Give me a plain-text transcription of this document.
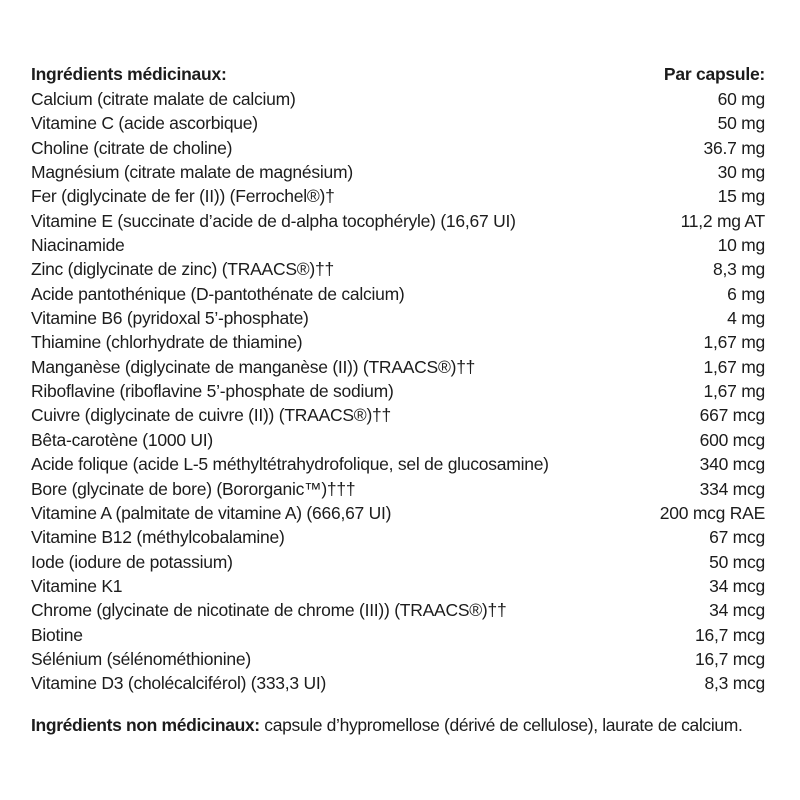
Ingrédients médicinaux:	Par capsule:
Calcium (citrate malate de calcium)	60 mg
Vitamine C (acide ascorbique)	50 mg
Choline (citrate de choline)	36.7 mg
Magnésium (citrate malate de magnésium)	30 mg
Fer (diglycinate de fer (II)) (Ferrochel®)†	15 mg
Vitamine E (succinate d’acide de d-alpha tocophéryle) (16,67 UI)	11,2 mg AT
Niacinamide	10 mg
Zinc (diglycinate de zinc) (TRAACS®)††	8,3 mg
Acide pantothénique (D-pantothénate de calcium)	6 mg
Vitamine B6 (pyridoxal 5’-phosphate)	4 mg
Thiamine (chlorhydrate de thiamine)	1,67 mg
Manganèse (diglycinate de manganèse (II)) (TRAACS®)††	1,67 mg
Riboflavine (riboflavine 5’-phosphate de sodium)	1,67 mg
Cuivre (diglycinate de cuivre (II)) (TRAACS®)††	667 mcg
Bêta-carotène (1000 UI)	600 mcg
Acide folique (acide L-5 méthyltétrahydrofolique, sel de glucosamine)	340 mcg
Bore (glycinate de bore) (Bororganic™)†††	334 mcg
Vitamine A (palmitate de vitamine A) (666,67 UI)	200 mcg RAE
Vitamine B12 (méthylcobalamine)	67 mcg
Iode (iodure de potassium)	50 mcg
Vitamine K1	34 mcg
Chrome (glycinate de nicotinate de chrome (III)) (TRAACS®)††	34 mcg
Biotine	16,7 mcg
Sélénium (sélénométhionine)	16,7 mcg
Vitamine D3 (cholécalciférol) (333,3 UI)	8,3 mcg
Ingrédients non médicinaux: capsule d’hypromellose (dérivé de cellulose), laurate de calcium.
